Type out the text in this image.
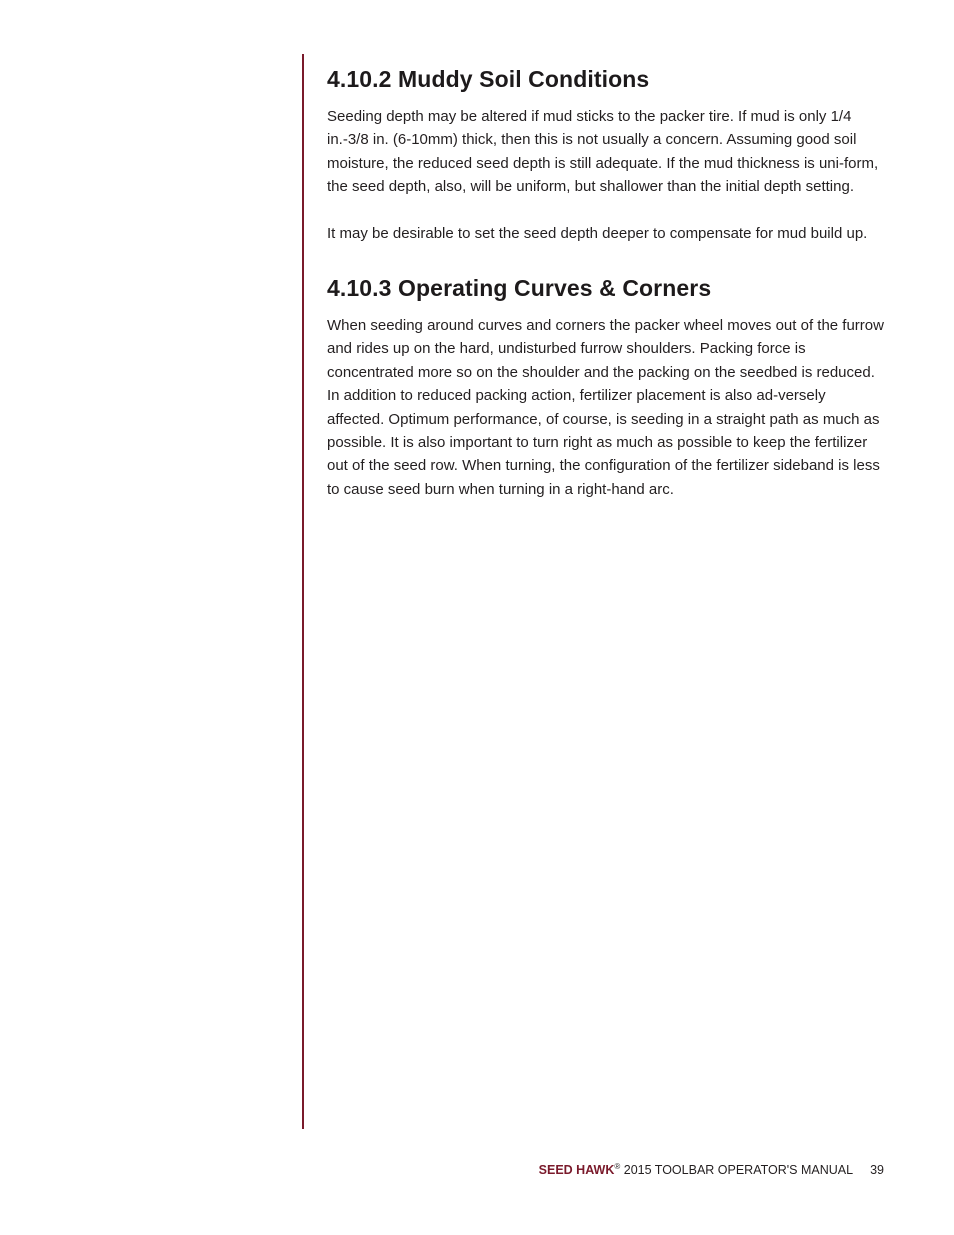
4.10.2 Muddy Soil Conditions

Seeding depth may be altered if mud sticks to the packer tire. If mud is only 1/4 in.-3/8 in. (6-10mm) thick, then this is not usually a concern. Assuming good soil moisture, the reduced seed depth is still adequate. If the mud thickness is uni-form, the seed depth, also, will be uniform, but shallower than the initial depth setting.

It may be desirable to set the seed depth deeper to compensate for mud build up.

4.10.3 Operating Curves & Corners

When seeding around curves and corners the packer wheel moves out of the furrow and rides up on the hard, undisturbed furrow shoulders. Packing force is concentrated more so on the shoulder and the packing on the seedbed is reduced. In addition to reduced packing action, fertilizer placement is also ad-versely affected. Optimum performance, of course, is seeding in a straight path as much as possible. It is also important to turn right as much as possible to keep the fertilizer out of the seed row. When turning, the configuration of the fertilizer sideband is less to cause seed burn when turning in a right-hand arc.

SEED HAWK® 2015 TOOLBAR OPERATOR'S MANUAL 39
